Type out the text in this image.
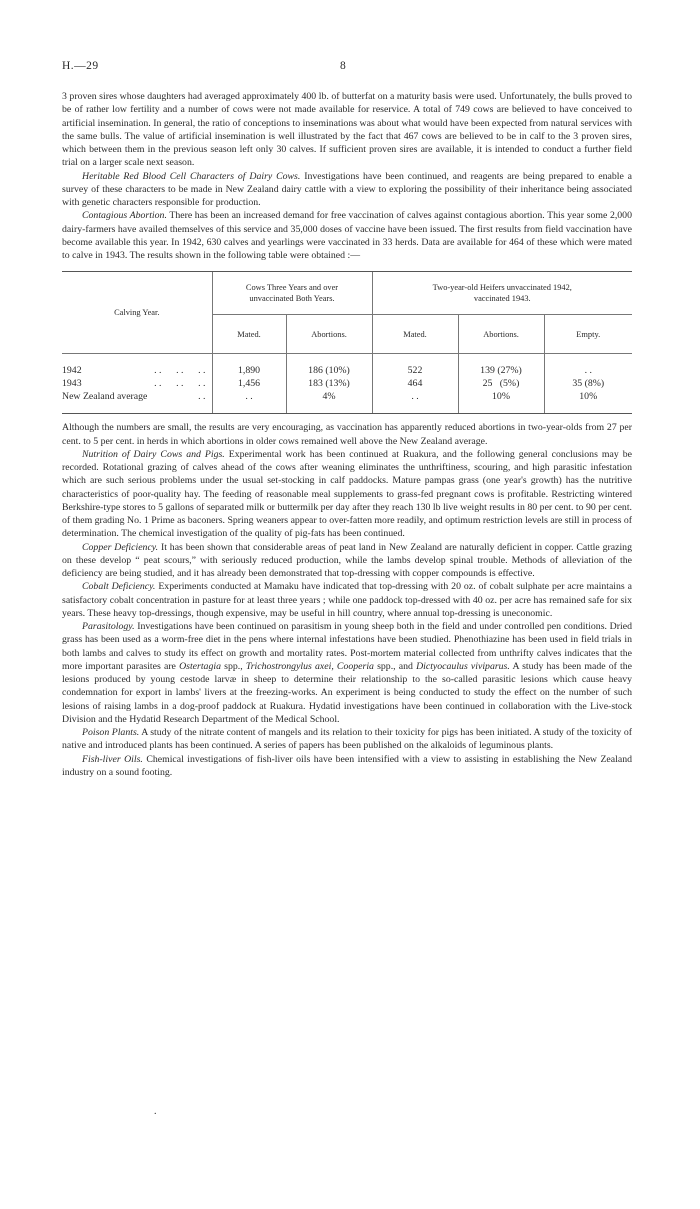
H.—29	8

3 proven sires whose daughters had averaged approximately 400 lb. of butterfat on a maturity basis were used. Unfortunately, the bulls proved to be of rather low fertility and a number of cows were not made available for reservice. A total of 749 cows are believed to have conceived to artificial insemination. In general, the ratio of conceptions to inseminations was about what would have been expected from natural services with the same bulls. The value of artificial insemination is well illustrated by the fact that 467 cows are believed to be in calf to the 3 proven sires, which between them in the previous season left only 30 calves. If sufficient proven sires are available, it is intended to conduct a further field trial on a larger scale next season.

Heritable Red Blood Cell Characters of Dairy Cows. Investigations have been continued, and reagents are being prepared to enable a survey of these characters to be made in New Zealand dairy cattle with a view to exploring the possibility of their inheritance being associated with genetic characters responsible for production.

Contagious Abortion. There has been an increased demand for free vaccination of calves against contagious abortion. This year some 2,000 dairy-farmers have availed themselves of this service and 35,000 doses of vaccine have been issued. The first results from field vaccination have become available this year. In 1942, 630 calves and yearlings were vaccinated in 33 herds. Data are available for 464 of these which were mated to calve in 1943. The results shown in the following table were obtained :—

Calving Year.	Cows Three Years and over unvaccinated Both Years.		Two-year-old Heifers unvaccinated 1942, vaccinated 1943.		
	Mated.	Abortions.	Mated.	Abortions.	Empty.

1942 . .      . .      . .	1,890	186 (10%)	522	139 (27%)	. .

1943 . .      . .      . .	1,456	183 (13%)	464	25   (5%)	35 (8%)

New Zealand average . .	. .	4%	. .	10%	10%

Although the numbers are small, the results are very encouraging, as vaccination has apparently reduced abortions in two-year-olds from 27 per cent. to 5 per cent. in herds in which abortions in older cows remained well above the New Zealand average.

Nutrition of Dairy Cows and Pigs. Experimental work has been continued at Ruakura, and the following general conclusions may be recorded. Rotational grazing of calves ahead of the cows after weaning eliminates the unthriftiness, scouring, and high parasitic infestation which are such serious problems under the usual set-stocking in calf paddocks. Mature pampas grass (one year's growth) has the nutritive characteristics of poor-quality hay. The feeding of reasonable meal supplements to grass-fed pregnant cows is profitable. Restricting wintered Berkshire-type stores to 5 gallons of separated milk or buttermilk per day after they reach 130 lb live weight results in 80 per cent. to 90 per cent. of them grading No. 1 Prime as baconers. Spring weaners appear to over-fatten more readily, and optimum restriction levels are still in process of determination. The chemical investigation of the quality of pig-fats has been continued.

Copper Deficiency. It has been shown that considerable areas of peat land in New Zealand are naturally deficient in copper. Cattle grazing on these develop “ peat scours,” with seriously reduced production, while the lambs develop spinal trouble. Methods of alleviation of the deficiency are being studied, and it has already been demonstrated that top-dressing with copper compounds is effective.

Cobalt Deficiency. Experiments conducted at Mamaku have indicated that top-dressing with 20 oz. of cobalt sulphate per acre maintains a satisfactory cobalt concentration in pasture for at least three years ; while one paddock top-dressed with 40 oz. per acre has remained safe for six years. These heavy top-dressings, though expensive, may be useful in hill country, where annual top-dressing is uneconomic.

Parasitology. Investigations have been continued on parasitism in young sheep both in the field and under controlled pen conditions. Dried grass has been used as a worm-free diet in the pens where internal infestations have been studied. Phenothiazine has been used in field trials in both lambs and calves to study its effect on growth and mortality rates. Post-mortem material collected from unthrifty calves indicates that the more important parasites are Ostertagia spp., Trichostrongylus axei, Cooperia spp., and Dictyocaulus viviparus. A study has been made of the lesions produced by young cestode larvæ in sheep to determine their relationship to the so-called parasitic lesions which cause heavy condemnation for export in lambs' livers at the freezing-works. An experiment is being conducted to study the effect on the number of such lesions of raising lambs in a dog-proof paddock at Ruakura. Hydatid investigations have been continued in collaboration with the Live-stock Division and the Hydatid Research Department of the Medical School.

Poison Plants. A study of the nitrate content of mangels and its relation to their toxicity for pigs has been initiated. A study of the toxicity of native and introduced plants has been continued. A series of papers has been published on the alkaloids of leguminous plants.

Fish-liver Oils. Chemical investigations of fish-liver oils have been intensified with a view to assisting in establishing the New Zealand industry on a sound footing.

.
